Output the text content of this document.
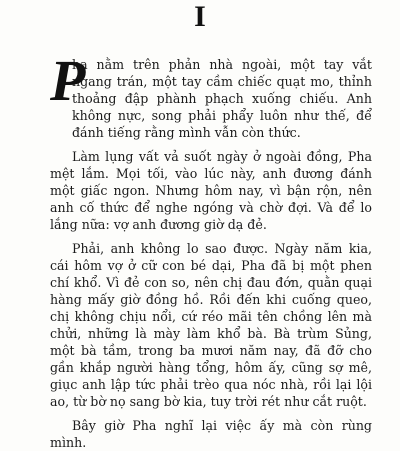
I
P

ha nằm trên phản nhà ngoài, một tay vắt ngang trán, một tay cầm chiếc quạt mo, thỉnh thoảng đập phành phạch xuống chiếu. Anh không nực, song phải phẩy luôn như thế, để đánh tiếng rằng mình vẫn còn thức.

Làm lụng vất vả suốt ngày ở ngoài đồng, Pha mệt lắm. Mọi tối, vào lúc này, anh đương đánh một giấc ngon. Nhưng hôm nay, vì bận rộn, nên anh cố thức để nghe ngóng và chờ đợi. Và để lo lắng nữa: vợ anh đương giờ dạ đẻ.

Phải, anh không lo sao được. Ngày năm kia, cái hôm vợ ở cữ con bé dại, Pha đã bị một phen chí khổ. Vì đẻ con so, nên chị đau đớn, quằn quại hàng mấy giờ đồng hồ. Rồi đến khi cuống queo, chị không chịu nổi, cứ réo mãi tên chồng lên mà chửi, những là mày làm khổ bà. Bà trùm Sủng, một bà tầm, trong ba mươi năm nay, đã đỡ cho gần khắp người hàng tổng, hôm ấy, cũng sợ mê, giục anh lập tức phải trèo qua nóc nhà, rồi lại lội ao, từ bờ nọ sang bờ kia, tuy trời rét như cắt ruột.

Bây giờ Pha nghĩ lại việc ấy mà còn rùng mình.
